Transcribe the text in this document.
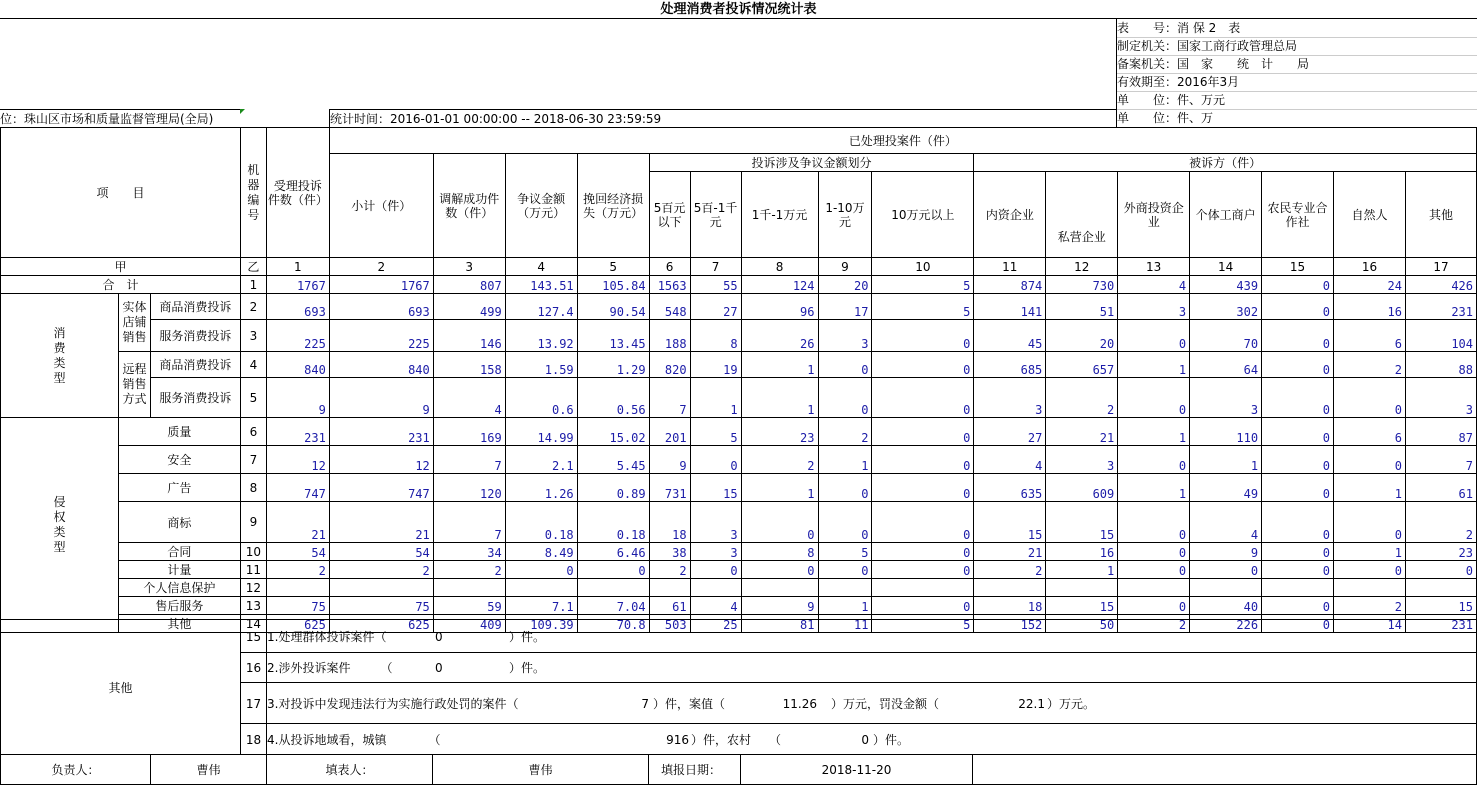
处理消费者投诉情况统计表
表　　号：消 保 2　表
制定机关：国家工商行政管理总局
备案机关：国　家　　统　计　　局
有效期至：2016年3月
单　　位：件、万元
单　　位：件、万
位：珠山区市场和质量监督管理局(全局)	统计时间：2016-01-01 00:00:00 -- 2018-06-30 23:59:59
项　　目			机器编号	受理投诉件数（件）	已处理投案件（件）															
					小计（件）	调解成功件数（件）	争议金额（万元）	挽回经济损失（万元）	投诉涉及争议金额划分					被诉方（件）						
									5百元以下	5百-1千元	1千-1万元	1-10万元	10万元以上	内资企业	私营企业	外商投资企业	个体工商户	农民专业合作社	自然人	其他
甲			乙	1	2	3	4	5	6	7	8	9	10	11	12	13	14	15	16	17
合　计			1	1767	1767	807	143.51	105.84	1563	55	124	20	5	874	730	4	439	0	24	426
消费类型	实体店铺销售	商品消费投诉	2	693	693	499	127.4	90.54	548	27	96	17	5	141	51	3	302	0	16	231
		服务消费投诉	3	225	225	146	13.92	13.45	188	8	26	3	0	45	20	0	70	0	6	104
	远程销售方式	商品消费投诉	4	840	840	158	1.59	1.29	820	19	1	0	0	685	657	1	64	0	2	88
		服务消费投诉	5	9	9	4	0.6	0.56	7	1	1	0	0	3	2	0	3	0	0	3
侵权类型	质量		6	231	231	169	14.99	15.02	201	5	23	2	0	27	21	1	110	0	6	87
	安全		7	12	12	7	2.1	5.45	9	0	2	1	0	4	3	0	1	0	0	7
	广告		8	747	747	120	1.26	0.89	731	15	1	0	0	635	609	1	49	0	1	61
	商标		9	21	21	7	0.18	0.18	18	3	0	0	0	15	15	0	4	0	0	2
	合同		10	54	54	34	8.49	6.46	38	3	8	5	0	21	16	0	9	0	1	23
	计量		11	2	2	2	0	0	2	0	0	0	0	2	1	0	0	0	0	0
	个人信息保护		12																	
	售后服务		13	75	75	59	7.1	7.04	61	4	9	1	0	18	15	0	40	0	2	15
	其他		14	625	625	409	109.39	70.8	503	25	81	11	5	152	50	2	226	0	14	231
其他
15 1.处理群体投诉案件（	0	）件。
16 2.涉外投诉案件　　　（	0	）件。
17 3.对投诉中发现违法行为实施行政处罚的案件（	7 ）件，案值（	11.26 ）万元，罚没金额（	22.1 ）万元。
18 4.从投诉地域看，城镇　　　　（	916 ）件，农村　　（	0 ）件。
负责人：	曹伟	填表人：	曹伟	填报日期：	2018-11-20
